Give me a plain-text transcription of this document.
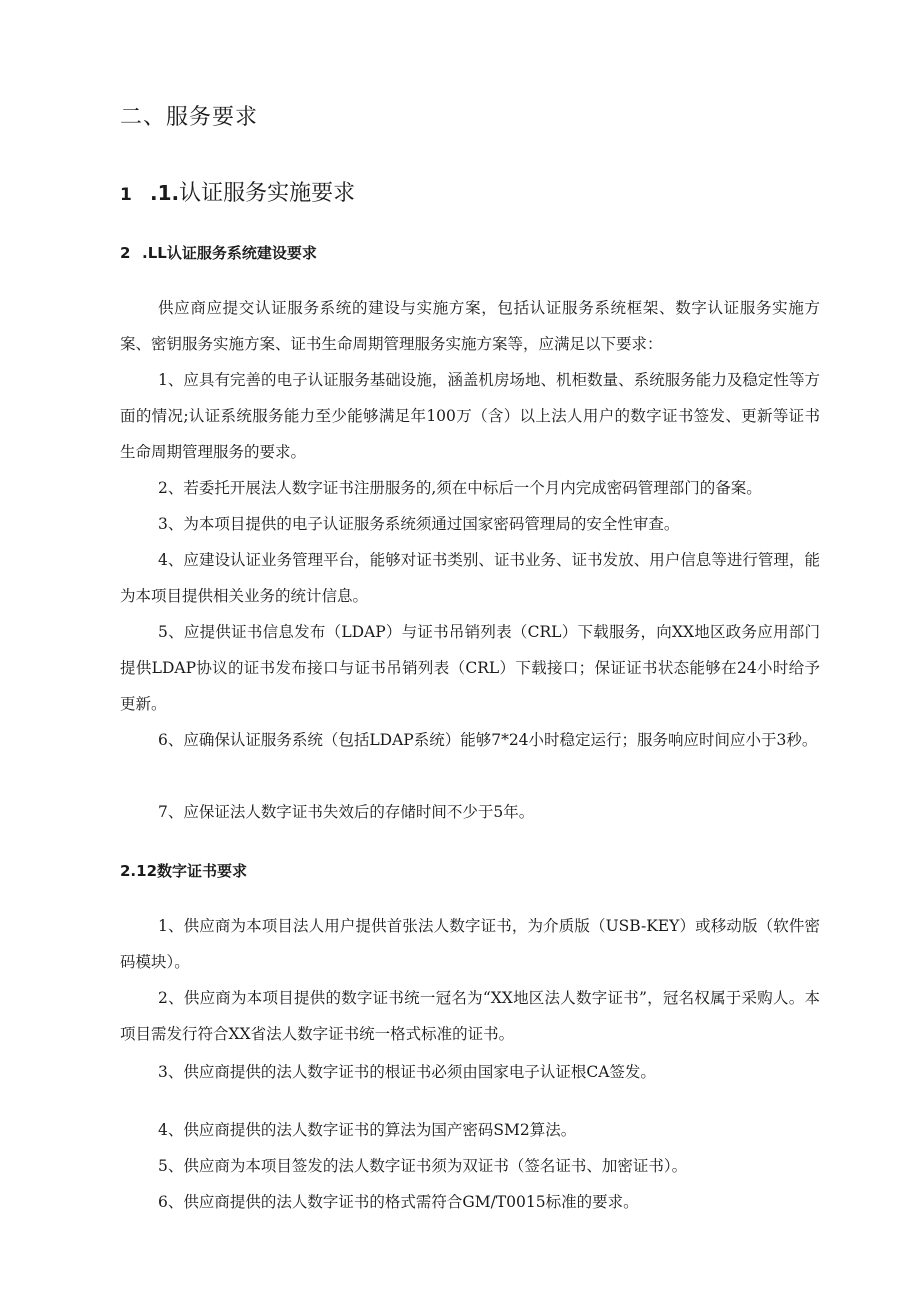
二、服务要求
1 .1.认证服务实施要求
2 .LL认证服务系统建设要求
供应商应提交认证服务系统的建设与实施方案，包括认证服务系统框架、数字认证服务实施方案、密钥服务实施方案、证书生命周期管理服务实施方案等，应满足以下要求：
1、应具有完善的电子认证服务基础设施，涵盖机房场地、机柜数量、系统服务能力及稳定性等方面的情况;认证系统服务能力至少能够满足年100万（含）以上法人用户的数字证书签发、更新等证书生命周期管理服务的要求。
2、若委托开展法人数字证书注册服务的,须在中标后一个月内完成密码管理部门的备案。
3、为本项目提供的电子认证服务系统须通过国家密码管理局的安全性审查。
4、应建设认证业务管理平台，能够对证书类别、证书业务、证书发放、用户信息等进行管理，能为本项目提供相关业务的统计信息。
5、应提供证书信息发布（LDAP）与证书吊销列表（CRL）下载服务，向XX地区政务应用部门提供LDAP协议的证书发布接口与证书吊销列表（CRL）下载接口；保证证书状态能够在24小时给予更新。
6、应确保认证服务系统（包括LDAP系统）能够7*24小时稳定运行；服务响应时间应小于3秒。
7、应保证法人数字证书失效后的存储时间不少于5年。
2.12数字证书要求
1、供应商为本项目法人用户提供首张法人数字证书，为介质版（USB-KEY）或移动版（软件密码模块）。
2、供应商为本项目提供的数字证书统一冠名为“XX地区法人数字证书”，冠名权属于采购人。本项目需发行符合XX省法人数字证书统一格式标准的证书。
3、供应商提供的法人数字证书的根证书必须由国家电子认证根CA签发。
4、供应商提供的法人数字证书的算法为国产密码SM2算法。
5、供应商为本项目签发的法人数字证书须为双证书（签名证书、加密证书）。
6、供应商提供的法人数字证书的格式需符合GM/T0015标准的要求。
